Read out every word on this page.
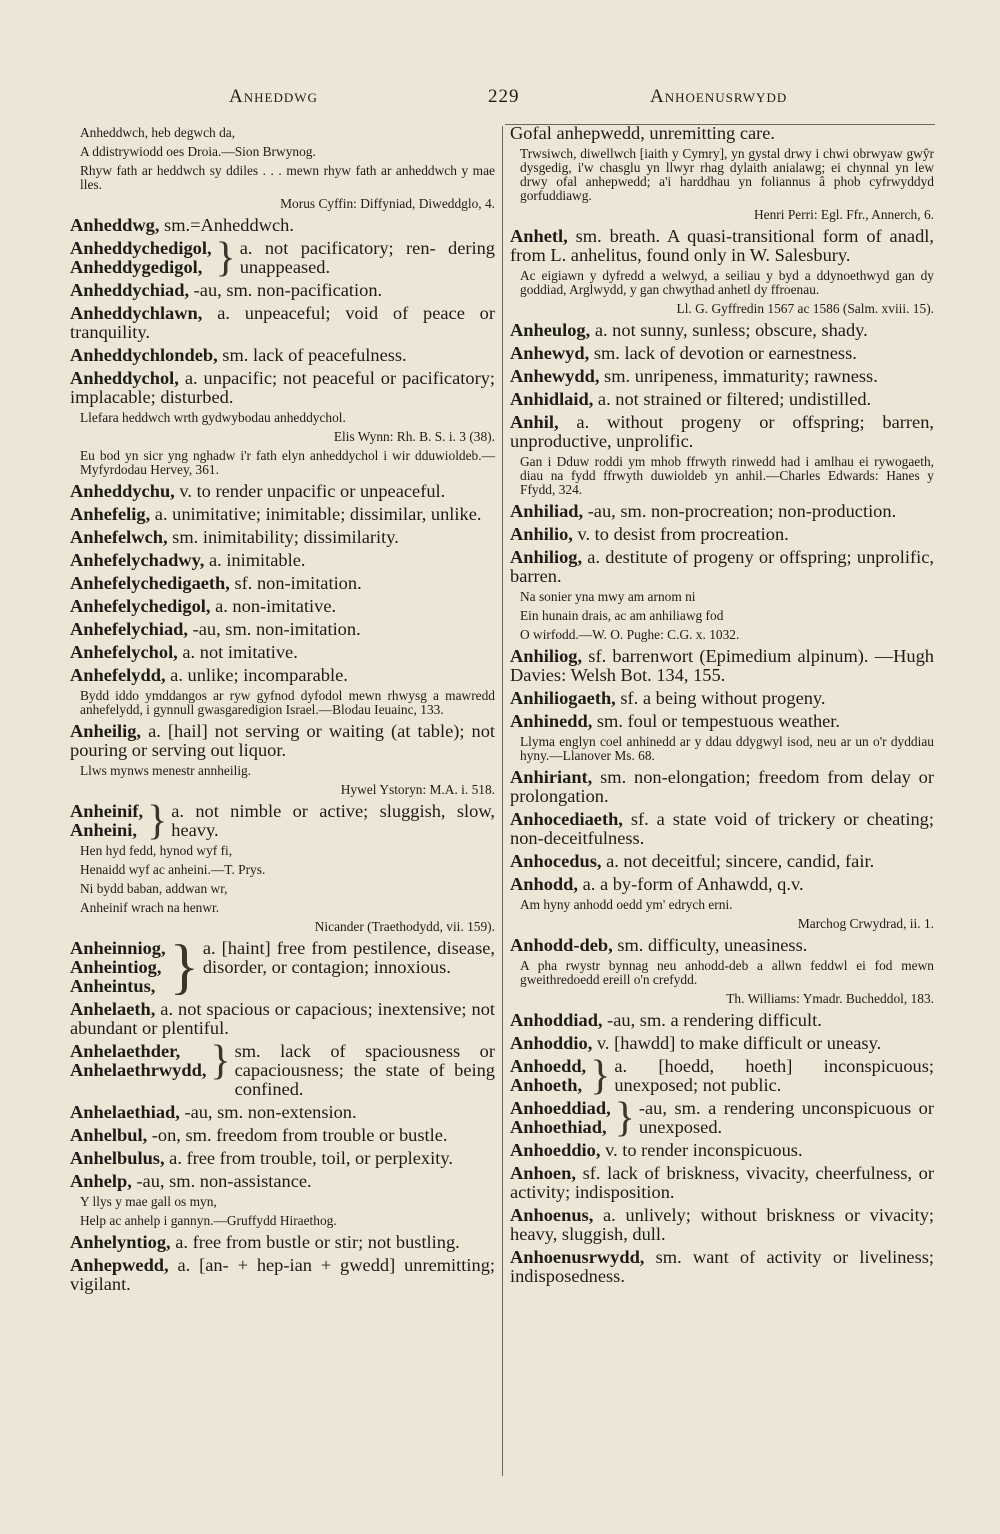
Anheddwg	229	Anhoenusrwydd
Anheddwch, heb degwch da,
A ddistrywiodd oes Droia.—Sion Brwynog.
Rhyw fath ar heddwch sy ddiles . . . mewn rhyw fath ar anheddwch y mae lles.
Morus Cyffin: Diffyniad, Diweddglo, 4.

Anheddwg, sm.=Anheddwch.

Anheddychedigol,
Anheddygedigol, } a. not pacificatory; ren- dering unappeased.

Anheddychiad, -au, sm. non-pacification.

Anheddychlawn, a. unpeaceful; void of peace or tranquility.

Anheddychlondeb, sm. lack of peacefulness.

Anheddychol, a. unpacific; not peaceful or pacificatory; implacable; disturbed.

Llefara heddwch wrth gydwybodau anheddychol.
Elis Wynn: Rh. B. S. i. 3 (38).
Eu bod yn sicr yng nghadw i'r fath elyn anheddychol i wir dduwioldeb.—Myfyrdodau Hervey, 361.

Anheddychu, v. to render unpacific or unpeaceful.

Anhefelig, a. unimitative; inimitable; dissimilar, unlike.

Anhefelwch, sm. inimitability; dissimilarity.

Anhefelychadwy, a. inimitable.

Anhefelychedigaeth, sf. non-imitation.

Anhefelychedigol, a. non-imitative.

Anhefelychiad, -au, sm. non-imitation.

Anhefelychol, a. not imitative.

Anhefelydd, a. unlike; incomparable.

Bydd iddo ymddangos ar ryw gyfnod dyfodol mewn rhwysg a mawredd anhefelydd, i gynnull gwasgaredigion Israel.—Blodau Ieuainc, 133.

Anheilig, a. [hail] not serving or waiting (at table); not pouring or serving out liquor.

Llws mynws menestr annheilig.
Hywel Ystoryn: M.A. i. 518.
Anheinif,
Anheini, } a. not nimble or active; sluggish, slow, heavy.
Hen hyd fedd, hynod wyf fi,
Henaidd wyf ac anheini.—T. Prys.
Ni bydd baban, addwan wr,
Anheinif wrach na henwr.
Nicander (Traethodydd, vii. 159).
Anheinniog,
Anheintiog,
Anheintus, } a. [haint] free from pestilence, disease, disorder, or contagion; innoxious.

Anhelaeth, a. not spacious or capacious; inextensive; not abundant or plentiful.

Anhelaethder,
Anhelaethrwydd, } sm. lack of spaciousness or capaciousness; the state of being confined.

Anhelaethiad, -au, sm. non-extension.

Anhelbul, -on, sm. freedom from trouble or bustle.

Anhelbulus, a. free from trouble, toil, or perplexity.

Anhelp, -au, sm. non-assistance.

Y llys y mae gall os myn,
Help ac anhelp i gannyn.—Gruffydd Hiraethog.

Anhelyntiog, a. free from bustle or stir; not bustling.

Anhepwedd, a. [an- + hep-ian + gwedd] unremitting; vigilant.

Gofal anhepwedd, unremitting care.

Trwsiwch, diwellwch [iaith y Cymry], yn gystal drwy i chwi obrwyaw gwŷr dysgedig, i'w chasglu yn llwyr rhag dylaith anialawg; ei chynnal yn lew drwy ofal anhepwedd; a'i harddhau yn foliannus â phob cyfrwyddyd gorfuddiawg.
Henri Perri: Egl. Ffr., Annerch, 6.

Anhetl, sm. breath. A quasi-transitional form of anadl, from L. anhelitus, found only in W. Salesbury.

Ac eigiawn y dyfredd a welwyd, a seiliau y byd a ddynoethwyd gan dy goddiad, Arglwydd, y gan chwythad anhetl dy ffroenau.
Ll. G. Gyffredin 1567 ac 1586 (Salm. xviii. 15).

Anheulog, a. not sunny, sunless; obscure, shady.

Anhewyd, sm. lack of devotion or earnestness.

Anhewydd, sm. unripeness, immaturity; rawness.

Anhidlaid, a. not strained or filtered; undistilled.

Anhil, a. without progeny or offspring; barren, unproductive, unprolific.

Gan i Dduw roddi ym mhob ffrwyth rinwedd had i amlhau ei rywogaeth, diau na fydd ffrwyth duwioldeb yn anhil.—Charles Edwards: Hanes y Ffydd, 324.

Anhiliad, -au, sm. non-procreation; non-production.

Anhilio, v. to desist from procreation.

Anhiliog, a. destitute of progeny or offspring; unprolific, barren.

Na sonier yna mwy am arnom ni
Ein hunain drais, ac am anhiliawg fod
O wirfodd.—W. O. Pughe: C.G. x. 1032.

Anhiliog, sf. barrenwort (Epimedium alpinum). —Hugh Davies: Welsh Bot. 134, 155.

Anhiliogaeth, sf. a being without progeny.

Anhinedd, sm. foul or tempestuous weather.

Llyma englyn coel anhinedd ar y ddau ddygwyl isod, neu ar un o'r dyddiau hyny.—Llanover Ms. 68.

Anhiriant, sm. non-elongation; freedom from delay or prolongation.

Anhocediaeth, sf. a state void of trickery or cheating; non-deceitfulness.

Anhocedus, a. not deceitful; sincere, candid, fair.

Anhodd, a. a by-form of Anhawdd, q.v.

Am hyny anhodd oedd ym' edrych erni.
Marchog Crwydrad, ii. 1.

Anhodd-deb, sm. difficulty, uneasiness.

A pha rwystr bynnag neu anhodd-deb a allwn feddwl ei fod mewn gweithredoedd ereill o'n crefydd.
Th. Williams: Ymadr. Bucheddol, 183.

Anhoddiad, -au, sm. a rendering difficult.

Anhoddio, v. [hawdd] to make difficult or uneasy.

Anhoedd,
Anhoeth, } a. [hoedd, hoeth] inconspicuous; unexposed; not public.
Anhoeddiad,
Anhoethiad, } -au, sm. a rendering unconspicuous or unexposed.

Anhoeddio, v. to render inconspicuous.

Anhoen, sf. lack of briskness, vivacity, cheerfulness, or activity; indisposition.

Anhoenus, a. unlively; without briskness or vivacity; heavy, sluggish, dull.

Anhoenusrwydd, sm. want of activity or liveliness; indisposedness.
